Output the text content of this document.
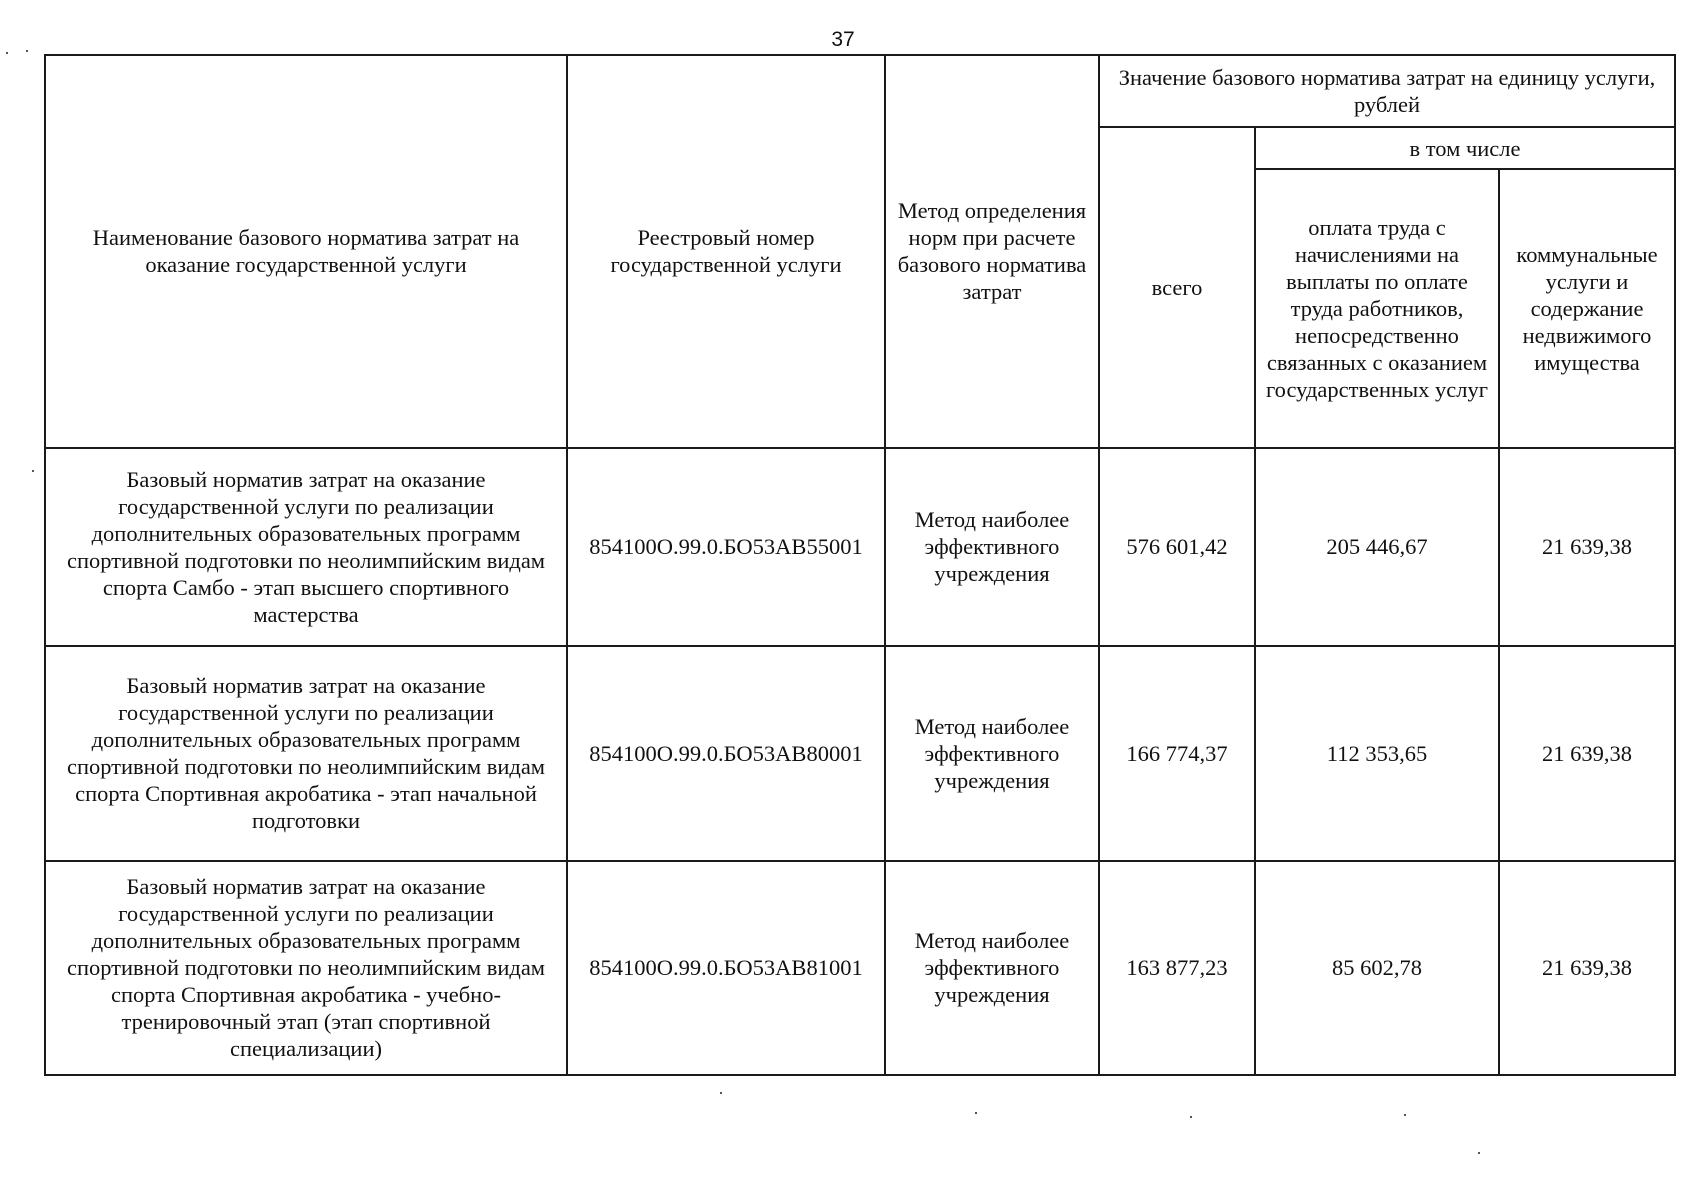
37
Наименование базового норматива затрат на оказание государственной услуги	Реестровый номер государственной услуги	Метод определения норм при расчете базового норматива затрат	Значение базового норматива затрат на единицу услуги, рублей		
			всего	в том числе	
				оплата труда с начислениями на выплаты по оплате труда работников, непосредственно связанных с оказанием государственных услуг	коммунальные услуги и содержание недвижимого имущества
Базовый норматив затрат на оказание государственной услуги по реализации дополнительных образовательных программ спортивной подготовки по неолимпийским видам спорта Самбо - этап высшего спортивного мастерства	854100О.99.0.БО53АВ55001	Метод наиболее эффективного учреждения	576 601,42	205 446,67	21 639,38
Базовый норматив затрат на оказание государственной услуги по реализации дополнительных образовательных программ спортивной подготовки по неолимпийским видам спорта Спортивная акробатика - этап начальной подготовки	854100О.99.0.БО53АВ80001	Метод наиболее эффективного учреждения	166 774,37	112 353,65	21 639,38
Базовый норматив затрат на оказание государственной услуги по реализации дополнительных образовательных программ спортивной подготовки по неолимпийским видам спорта Спортивная акробатика - учебно-тренировочный этап (этап спортивной специализации)	854100О.99.0.БО53АВ81001	Метод наиболее эффективного учреждения	163 877,23	85 602,78	21 639,38
